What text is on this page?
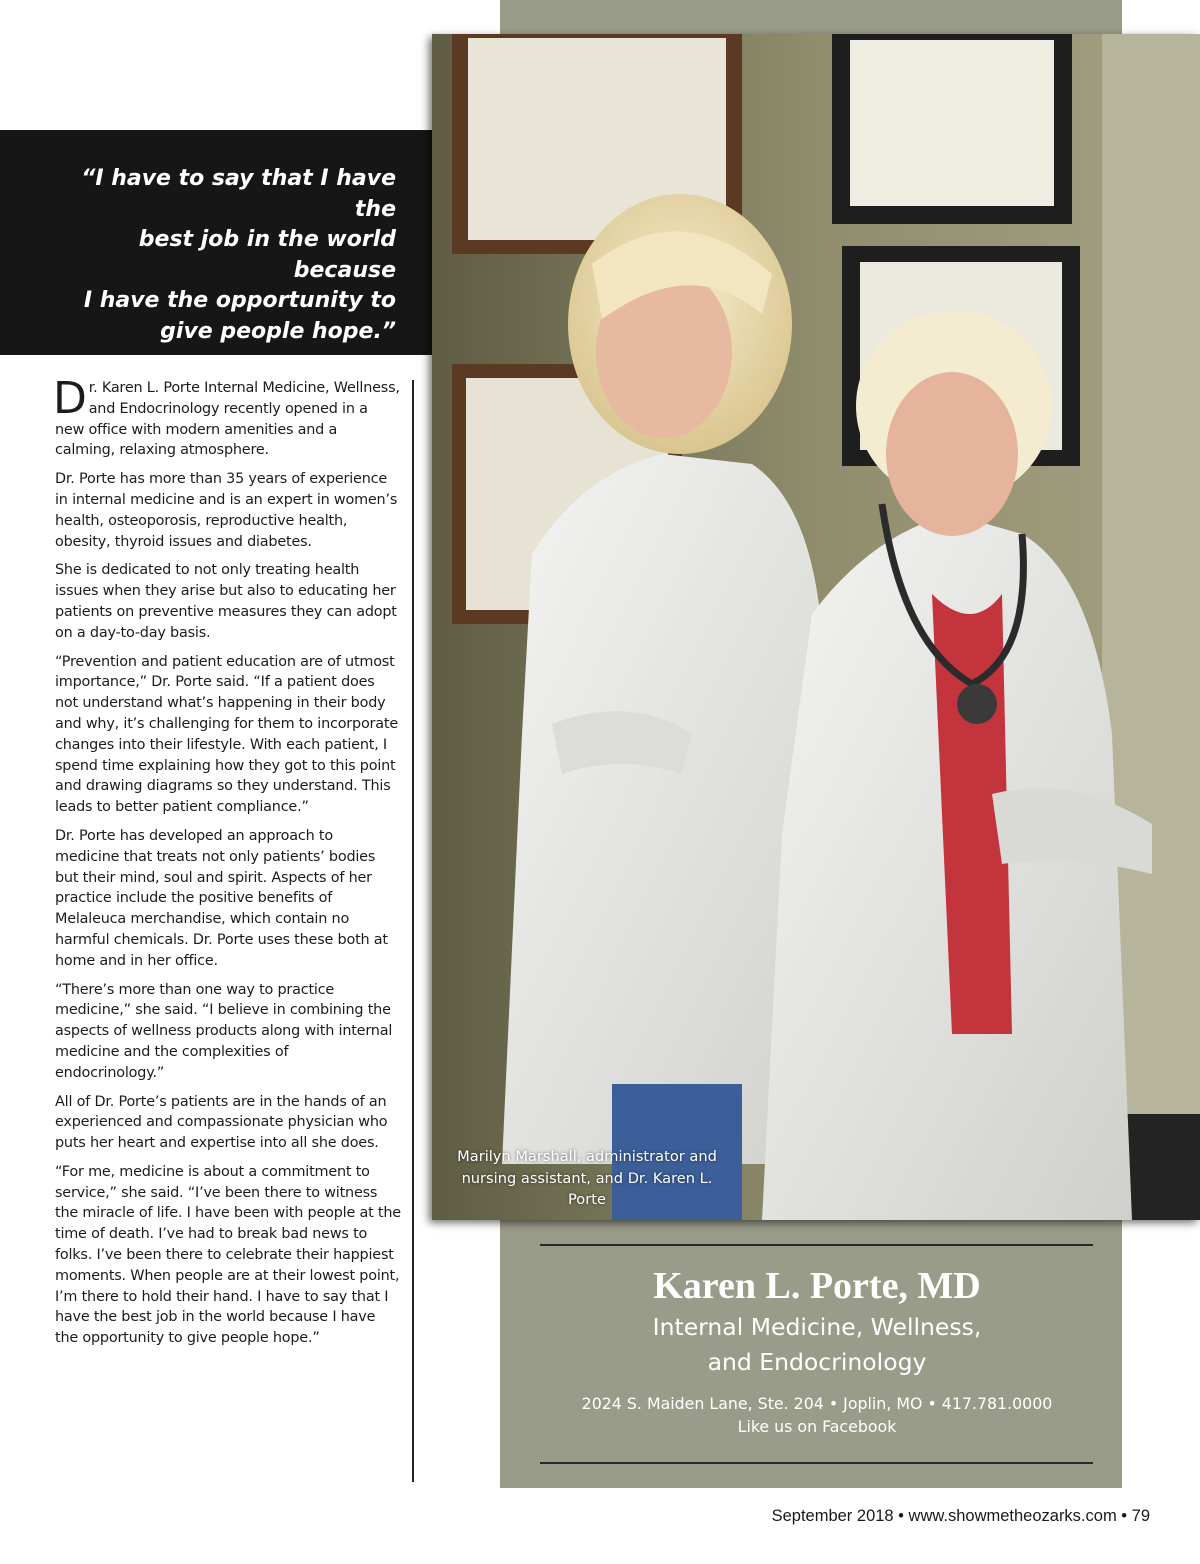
“I have to say that I have the
best job in the world because
I have the opportunity to
give people hope.”

--Karen Porte, MD

Dr. Karen L. Porte Internal Medicine, Wellness, and Endocrinology recently opened in a new office with modern amenities and a calming, relaxing atmosphere.

Dr. Porte has more than 35 years of experience in internal medicine and is an expert in women’s health, osteoporosis, reproductive health, obesity, thyroid issues and diabetes.

She is dedicated to not only treating health issues when they arise but also to educating her patients on preventive measures they can adopt on a day-to-day basis.

“Prevention and patient education are of utmost importance,” Dr. Porte said. “If a patient does not understand what’s happening in their body and why, it’s challenging for them to incorporate changes into their lifestyle. With each patient, I spend time explaining how they got to this point and drawing diagrams so they understand. This leads to better patient compliance.”

Dr. Porte has developed an approach to medicine that treats not only patients’ bodies but their mind, soul and spirit. Aspects of her practice include the positive benefits of Melaleuca merchandise, which contain no harmful chemicals. Dr. Porte uses these both at home and in her office.

“There’s more than one way to practice medicine,” she said. “I believe in combining the aspects of wellness products along with internal medicine and the complexities of endocrinology.”

All of Dr. Porte’s patients are in the hands of an experienced and compassionate physician who puts her heart and expertise into all she does.

“For me, medicine is about a commitment to service,” she said. “I’ve been there to witness the miracle of life. I have been with people at the time of death. I’ve had to break bad news to folks. I’ve been there to celebrate their happiest moments. When people are at their lowest point, I’m there to hold their hand. I have to say that I have the best job in the world because I have the opportunity to give people hope.”

Marilyn Marshall, administrator and nursing assistant, and Dr. Karen L. Porte
Karen L. Porte, MD
Internal Medicine, Wellness,
and Endocrinology
2024 S. Maiden Lane, Ste. 204 • Joplin, MO • 417.781.0000
Like us on Facebook
September 2018 • www.showmetheozarks.com • 79
